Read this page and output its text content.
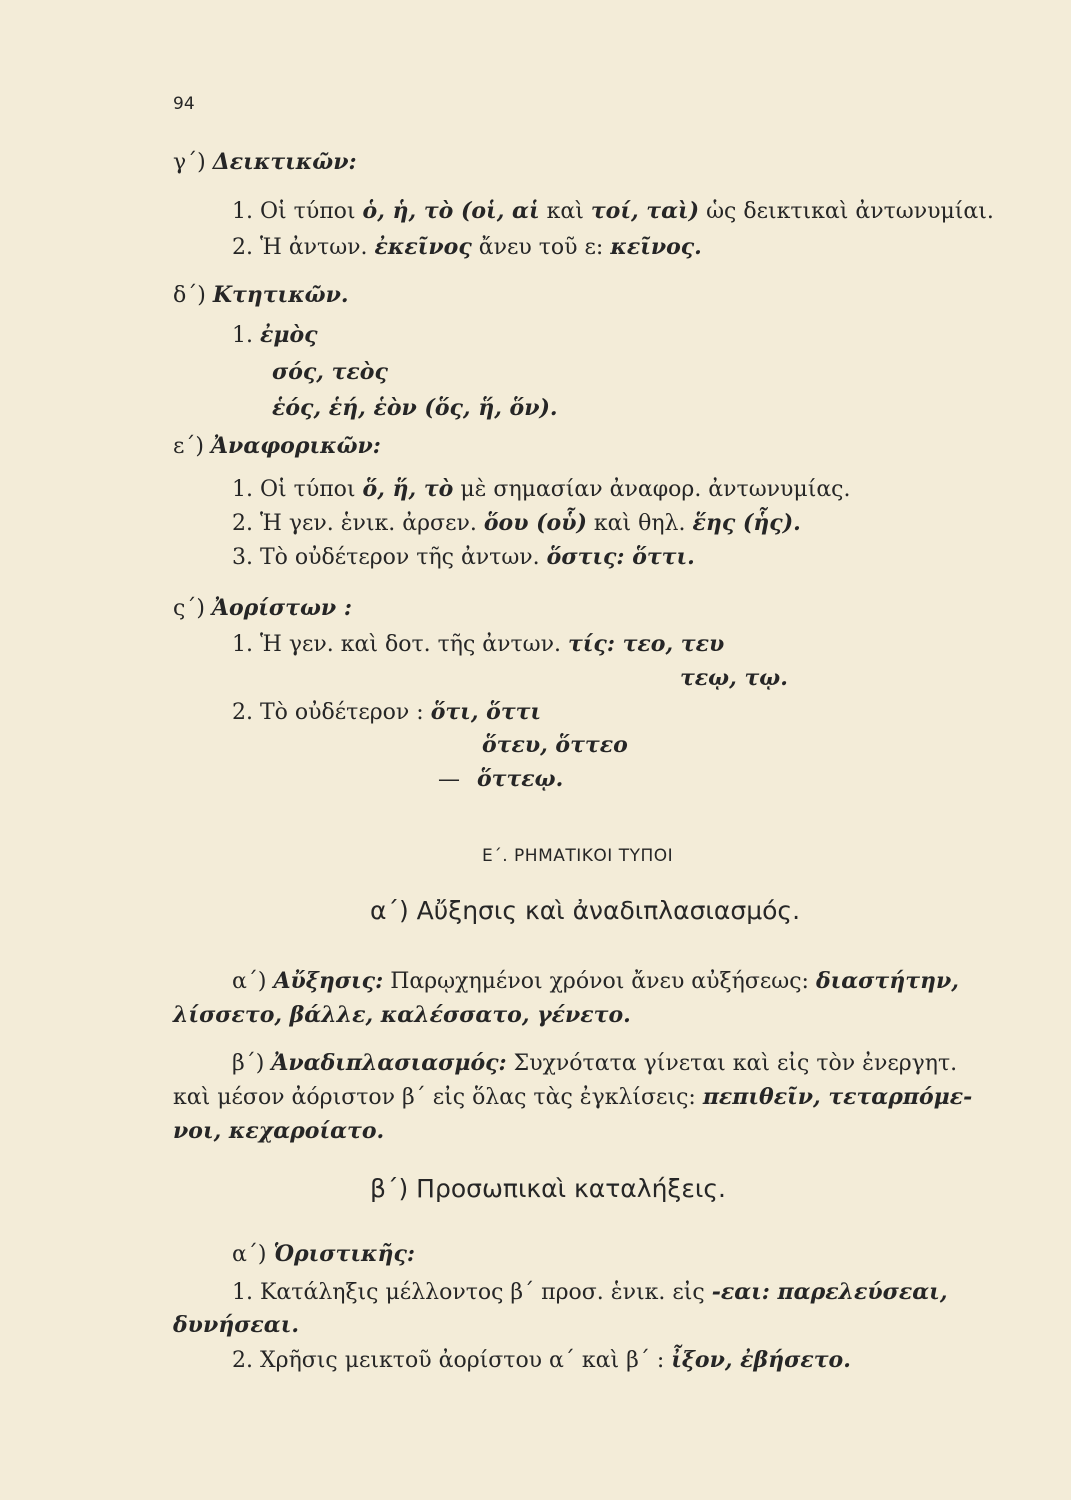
94
γ΄) Δεικτικῶν:
1. Οἱ τύποι ὁ, ἡ, τὸ (οἱ, αἱ καὶ τοί, ταὶ) ὡς δεικτικαὶ ἀντωνυμίαι.
2. Ἡ ἀντων. ἐκεῖνος ἄνευ τοῦ ε: κεῖνος.
δ΄) Κτητικῶν.
1. ἐμὸς
σός, τεὸς
ἑός, ἑή, ἑὸν (ὅς, ἥ, ὅν).
ε΄) Ἀναφορικῶν:
1. Οἱ τύποι ὅ, ἥ, τὸ μὲ σημασίαν ἀναφορ. ἀντωνυμίας.
2. Ἡ γεν. ἑνικ. ἀρσεν. ὅου (οὗ) καὶ θηλ. ἕης (ἧς).
3. Τὸ οὐδέτερον τῆς ἀντων. ὅστις: ὅττι.
ς΄) Ἀορίστων :
1. Ἡ γεν. καὶ δοτ. τῆς ἀντων. τίς: τεο, τευ
τεῳ, τῳ.
2. Τὸ οὐδέτερον : ὅτι, ὅττι
ὅτευ, ὅττεο
— ὅττεῳ.
Ε΄. ΡΗΜΑΤΙΚΟΙ ΤΥΠΟΙ
α΄) Αὔξησις καὶ ἀναδιπλασιασμός.
α΄) Αὔξησις: Παρῳχημένοι χρόνοι ἄνευ αὐξήσεως: διαστήτην,
λίσσετο, βάλλε, καλέσσατο, γένετο.
β΄) Ἀναδιπλασιασμός: Συχνότατα γίνεται καὶ εἰς τὸν ἐνεργητ.
καὶ μέσον ἀόριστον β΄ εἰς ὅλας τὰς ἐγκλίσεις: πεπιθεῖν, τεταρπόμε-
νοι, κεχαροίατο.
β΄) Προσωπικαὶ καταλήξεις.
α΄) Ὁριστικῆς:
1. Κατάληξις μέλλοντος β΄ προσ. ἑνικ. εἰς -εαι: παρελεύσεαι,
δυνήσεαι.
2. Χρῆσις μεικτοῦ ἀορίστου α΄ καὶ β΄ : ἶξον, ἐβήσετο.
